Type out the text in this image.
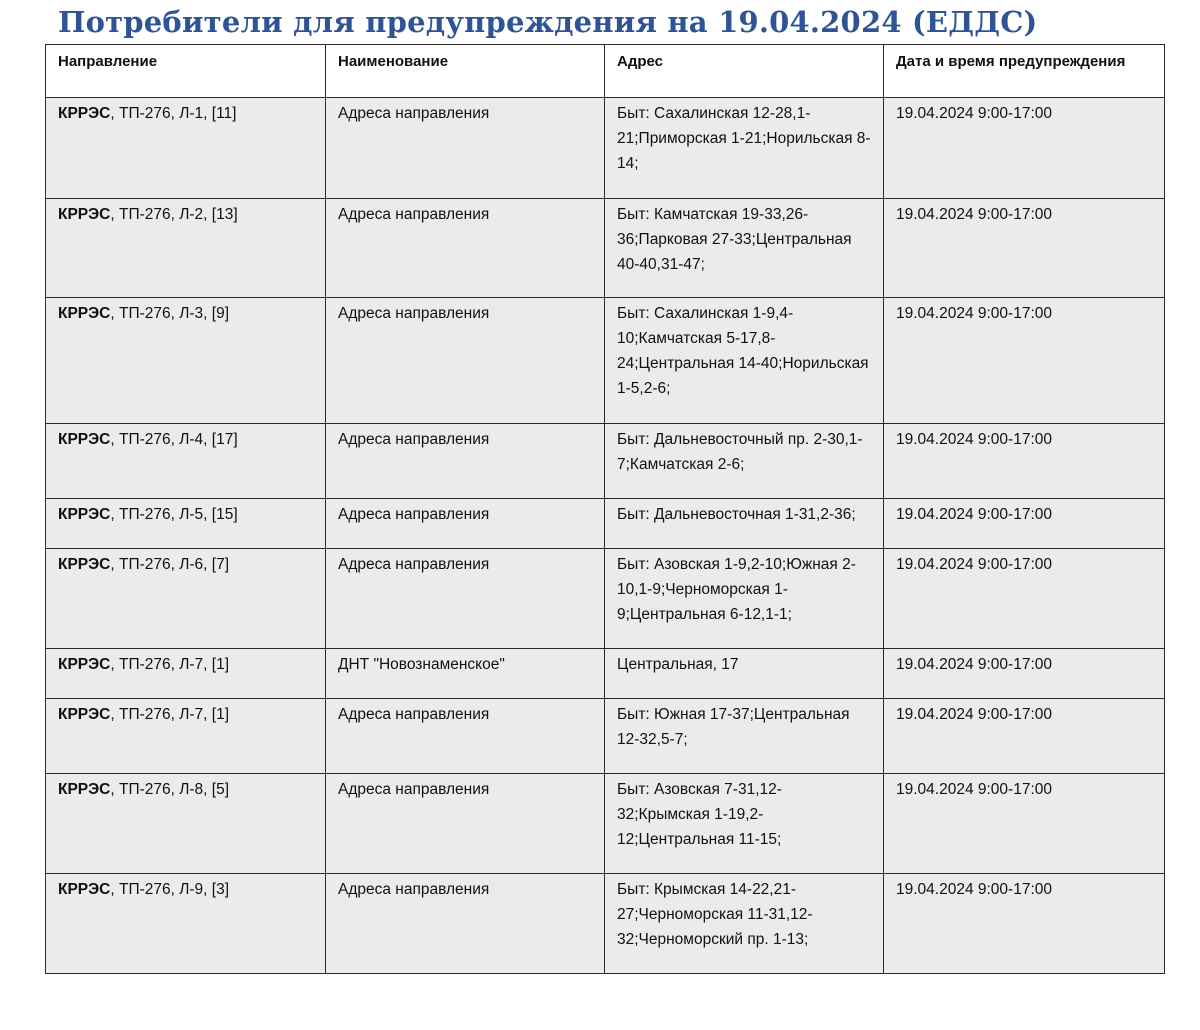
Потребители для предупреждения на 19.04.2024 (ЕДДС)
Направление	Наименование	Адрес	Дата и время предупреждения
КРРЭС, ТП-276, Л-1, [11]	Адреса направления	Быт: Сахалинская 12-28,1-21;Приморская 1-21;Норильская 8-14;	19.04.2024 9:00-17:00
КРРЭС, ТП-276, Л-2, [13]	Адреса направления	Быт: Камчатская 19-33,26-36;Парковая 27-33;Центральная 40-40,31-47;	19.04.2024 9:00-17:00
КРРЭС, ТП-276, Л-3, [9]	Адреса направления	Быт: Сахалинская 1-9,4-10;Камчатская 5-17,8-24;Центральная 14-40;Норильская 1-5,2-6;	19.04.2024 9:00-17:00
КРРЭС, ТП-276, Л-4, [17]	Адреса направления	Быт: Дальневосточный пр. 2-30,1-7;Камчатская 2-6;	19.04.2024 9:00-17:00
КРРЭС, ТП-276, Л-5, [15]	Адреса направления	Быт: Дальневосточная 1-31,2-36;	19.04.2024 9:00-17:00
КРРЭС, ТП-276, Л-6, [7]	Адреса направления	Быт: Азовская 1-9,2-10;Южная 2-10,1-9;Черноморская 1-9;Центральная 6-12,1-1;	19.04.2024 9:00-17:00
КРРЭС, ТП-276, Л-7, [1]	ДНТ "Новознаменское"	Центральная, 17	19.04.2024 9:00-17:00
КРРЭС, ТП-276, Л-7, [1]	Адреса направления	Быт: Южная 17-37;Центральная 12-32,5-7;	19.04.2024 9:00-17:00
КРРЭС, ТП-276, Л-8, [5]	Адреса направления	Быт: Азовская 7-31,12-32;Крымская 1-19,2-12;Центральная 11-15;	19.04.2024 9:00-17:00
КРРЭС, ТП-276, Л-9, [3]	Адреса направления	Быт: Крымская 14-22,21-27;Черноморская 11-31,12-32;Черноморский пр. 1-13;	19.04.2024 9:00-17:00
